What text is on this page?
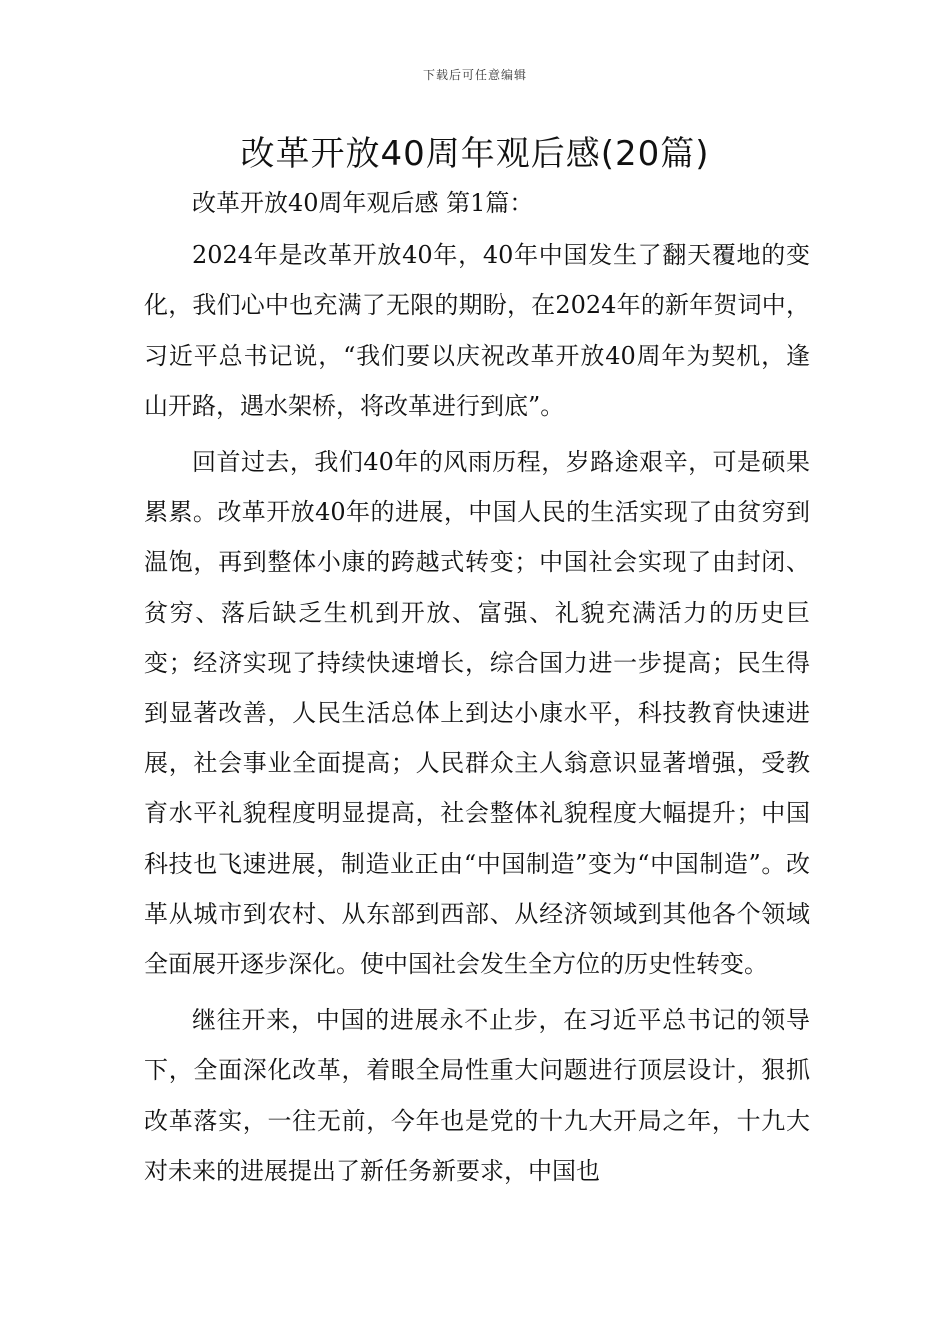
下载后可任意编辑
改革开放40周年观后感(20篇)

改革开放40周年观后感 第1篇：

2024年是改革开放40年，40年中国发生了翻天覆地的变化，我们心中也充满了无限的期盼，在2024年的新年贺词中，习近平总书记说，“我们要以庆祝改革开放40周年为契机，逢山开路，遇水架桥，将改革进行到底”。

回首过去，我们40年的风雨历程，岁路途艰辛，可是硕果累累。改革开放40年的进展，中国人民的生活实现了由贫穷到温饱，再到整体小康的跨越式转变；中国社会实现了由封闭、贫穷、落后缺乏生机到开放、富强、礼貌充满活力的历史巨变；经济实现了持续快速增长，综合国力进一步提高；民生得到显著改善，人民生活总体上到达小康水平，科技教育快速进展，社会事业全面提高；人民群众主人翁意识显著增强，受教育水平礼貌程度明显提高，社会整体礼貌程度大幅提升；中国科技也飞速进展，制造业正由“中国制造”变为“中国制造”。改革从城市到农村、从东部到西部、从经济领域到其他各个领域全面展开逐步深化。使中国社会发生全方位的历史性转变。

继往开来，中国的进展永不止步，在习近平总书记的领导下，全面深化改革，着眼全局性重大问题进行顶层设计，狠抓改革落实，一往无前，今年也是党的十九大开局之年，十九大对未来的进展提出了新任务新要求，中国也
